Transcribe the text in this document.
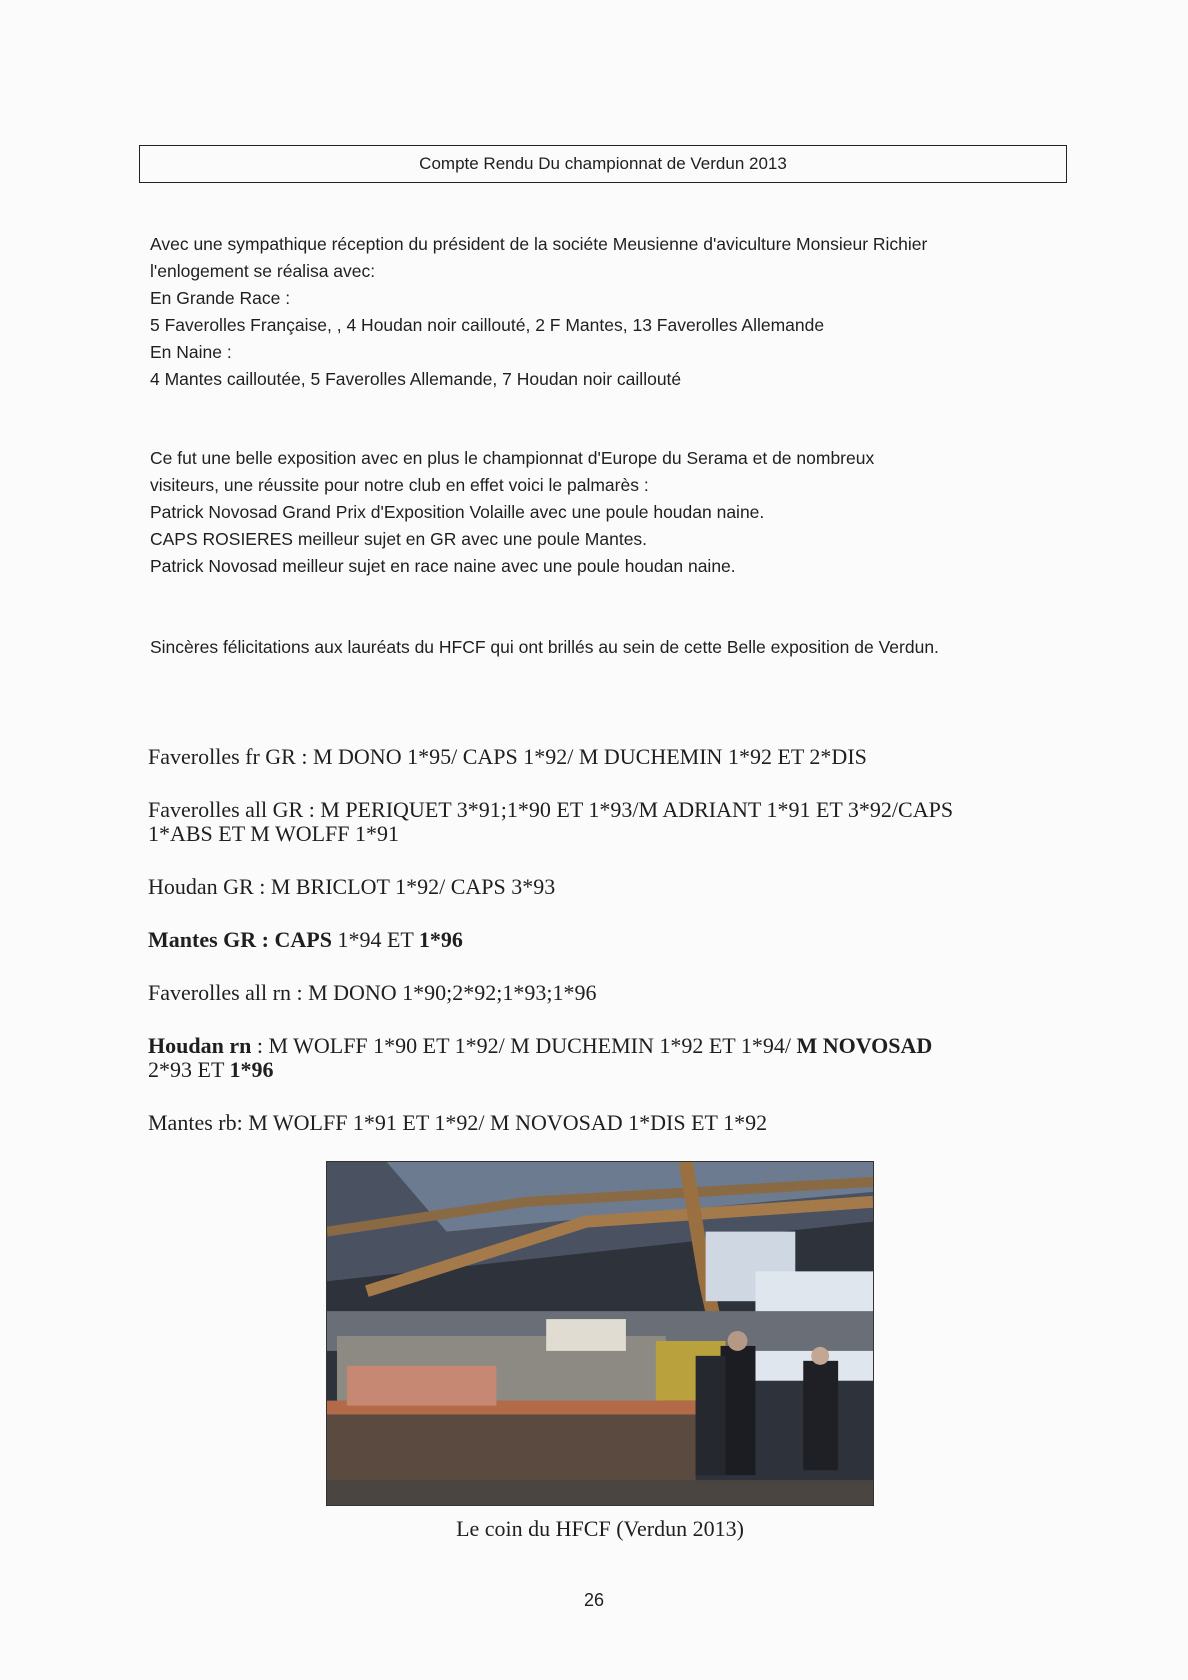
Compte Rendu Du championnat de Verdun 2013
Avec une sympathique réception du président de la sociéte Meusienne d'aviculture Monsieur Richier
l'enlogement se réalisa avec:
En Grande Race :
5 Faverolles Française, , 4 Houdan noir caillouté, 2 F Mantes, 13 Faverolles Allemande
En Naine :
4 Mantes cailloutée, 5 Faverolles Allemande, 7 Houdan noir caillouté
Ce fut une belle exposition avec en plus le championnat d'Europe du Serama et de nombreux
visiteurs, une réussite pour notre club en effet voici le palmarès :
Patrick Novosad Grand Prix d'Exposition Volaille avec une poule houdan naine.
CAPS ROSIERES meilleur sujet en GR avec une poule Mantes.
Patrick Novosad meilleur sujet en race naine avec une poule houdan naine.
Sincères félicitations aux lauréats du HFCF qui ont brillés au sein de cette Belle exposition de Verdun.
Faverolles fr GR : M DONO 1*95/ CAPS 1*92/ M DUCHEMIN 1*92 ET 2*DIS
Faverolles all GR : M PERIQUET 3*91;1*90 ET 1*93/M ADRIANT 1*91 ET 3*92/CAPS
1*ABS ET M WOLFF 1*91
Houdan GR : M BRICLOT 1*92/ CAPS 3*93
Mantes GR : CAPS 1*94 ET 1*96
Faverolles all rn : M DONO 1*90;2*92;1*93;1*96
Houdan rn : M WOLFF 1*90 ET 1*92/ M DUCHEMIN 1*92 ET 1*94/ M NOVOSAD
2*93 ET 1*96
Mantes rb: M WOLFF 1*91 ET 1*92/ M NOVOSAD 1*DIS ET 1*92
Le coin du HFCF (Verdun 2013)
26
